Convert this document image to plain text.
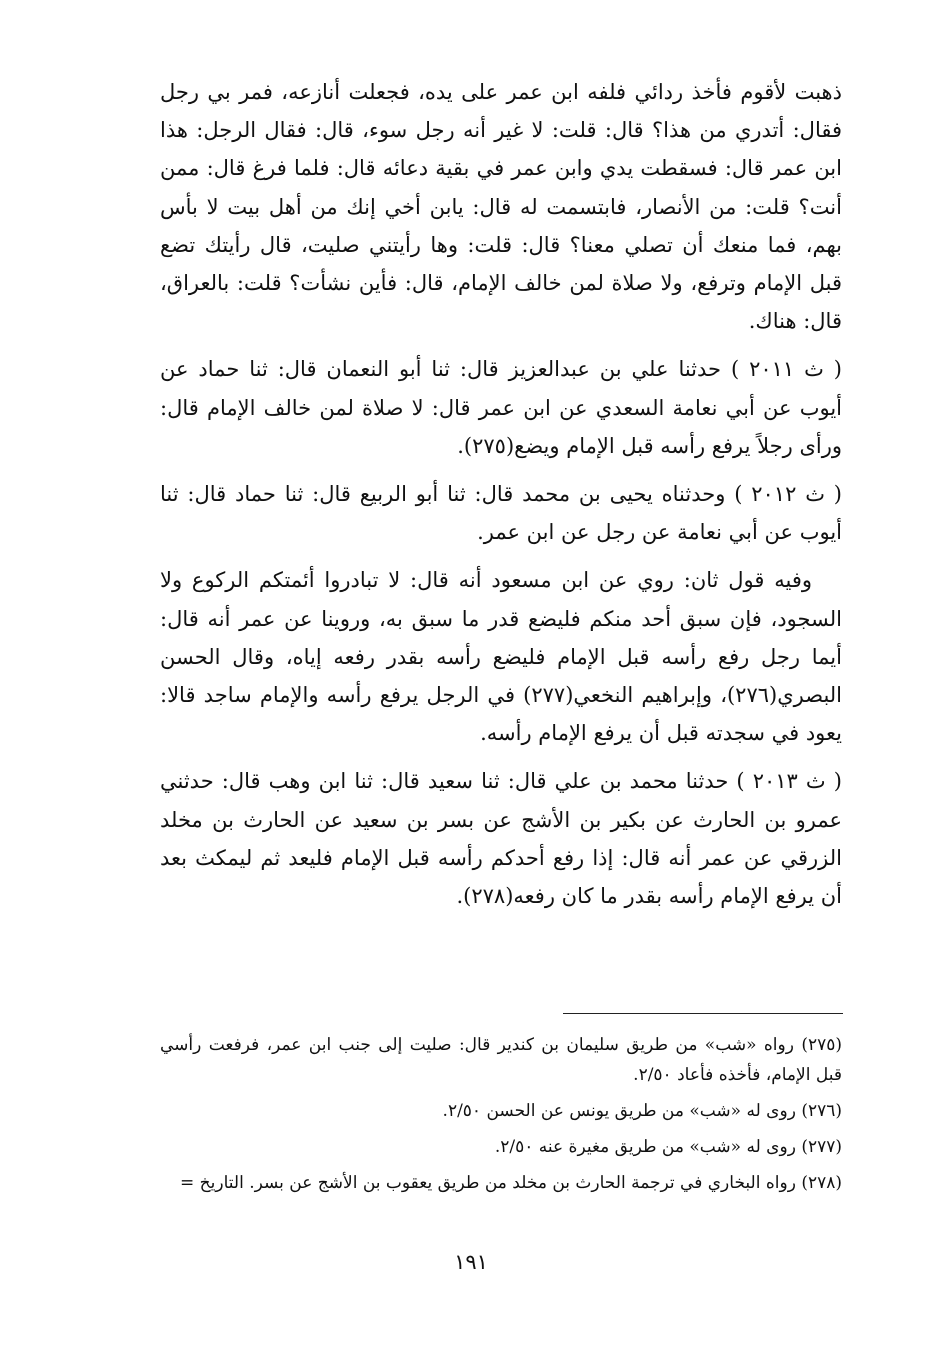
ذهبت لأقوم فأخذ ردائي فلفه ابن عمر على يده، فجعلت أنازعه، فمر بي رجل فقال: أتدري من هذا؟ قال: قلت: لا غير أنه رجل سوء، قال: فقال الرجل: هذا ابن عمر قال: فسقطت يدي وابن عمر في بقية دعائه قال: فلما فرغ قال: ممن أنت؟ قلت: من الأنصار، فابتسمت له قال: يابن أخي إنك من أهل بيت لا بأس بهم، فما منعك أن تصلي معنا؟ قال: قلت: وها رأيتني صليت، قال رأيتك تضع قبل الإمام وترفع، ولا صلاة لمن خالف الإمام، قال: فأين نشأت؟ قلت: بالعراق، قال: هناك.

( ث ٢٠١١ ) حدثنا علي بن عبدالعزيز قال: ثنا أبو النعمان قال: ثنا حماد عن أيوب عن أبي نعامة السعدي عن ابن عمر قال: لا صلاة لمن خالف الإمام قال: ورأى رجلاً يرفع رأسه قبل الإمام ويضع(٢٧٥).

( ث ٢٠١٢ ) وحدثناه يحيى بن محمد قال: ثنا أبو الربيع قال: ثنا حماد قال: ثنا أيوب عن أبي نعامة عن رجل عن ابن عمر.

وفيه قول ثان: روي عن ابن مسعود أنه قال: لا تبادروا أئمتكم الركوع ولا السجود، فإن سبق أحد منكم فليضع قدر ما سبق به، وروينا عن عمر أنه قال: أيما رجل رفع رأسه قبل الإمام فليضع رأسه بقدر رفعه إياه، وقال الحسن البصري(٢٧٦)، وإبراهيم النخعي(٢٧٧) في الرجل يرفع رأسه والإمام ساجد قالا: يعود في سجدته قبل أن يرفع الإمام رأسه.

( ث ٢٠١٣ ) حدثنا محمد بن علي قال: ثنا سعيد قال: ثنا ابن وهب قال: حدثني عمرو بن الحارث عن بكير بن الأشج عن بسر بن سعيد عن الحارث بن مخلد الزرقي عن عمر أنه قال: إذا رفع أحدكم رأسه قبل الإمام فليعد ثم ليمكث بعد أن يرفع الإمام رأسه بقدر ما كان رفعه(٢٧٨).

(٢٧٥) رواه «شب» من طريق سليمان بن كندير قال: صليت إلى جنب ابن عمر، فرفعت رأسي قبل الإمام، فأخذه فأعاد ٢/٥٠.

(٢٧٦) روى له «شب» من طريق يونس عن الحسن ٢/٥٠.

(٢٧٧) روى له «شب» من طريق مغيرة عنه ٢/٥٠.

(٢٧٨) رواه البخاري في ترجمة الحارث بن مخلد من طريق يعقوب بن الأشج عن بسر. التاريخ =

١٩١
